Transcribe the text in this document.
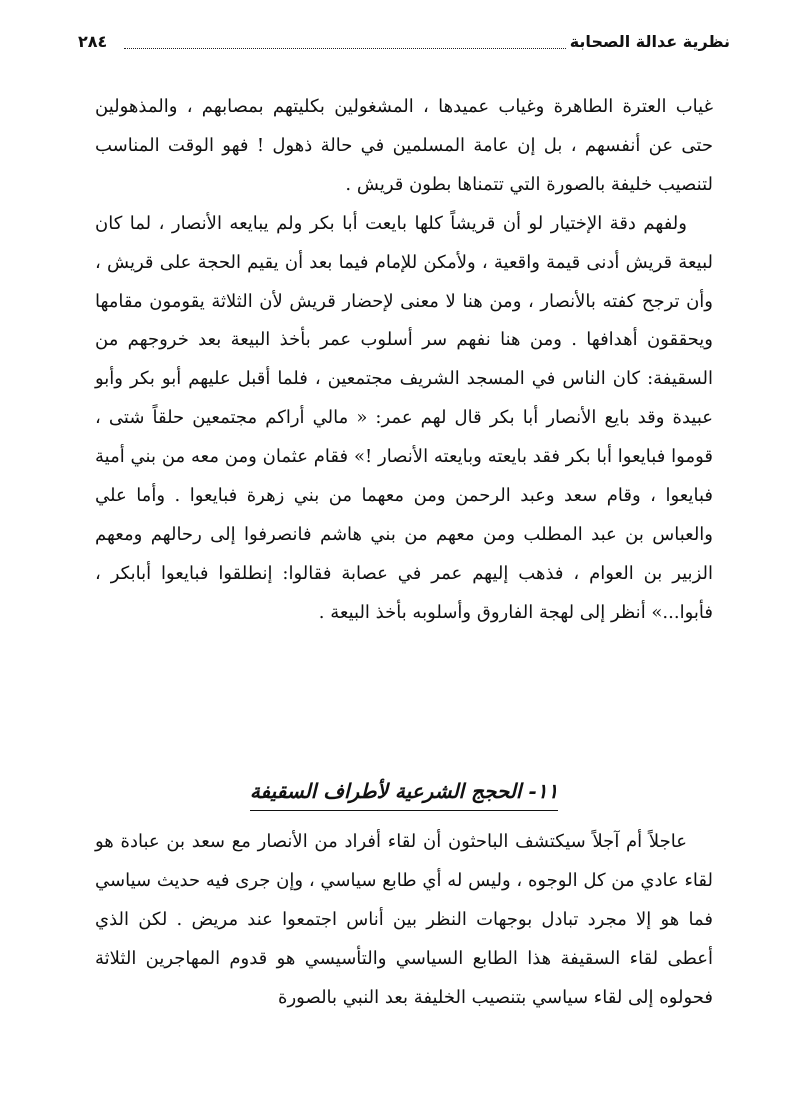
نظرية عدالة الصحابة
٢٨٤

غياب العترة الطاهرة وغياب عميدها ، المشغولين بكليتهم بمصابهم ، والمذهولين حتى عن أنفسهم ، بل إن عامة المسلمين في حالة ذهول ! فهو الوقت المناسب لتنصيب خليفة بالصورة التي تتمناها بطون قريش .

ولفهم دقة الإختيار لو أن قريشاً كلها بايعت أبا بكر ولم يبايعه الأنصار ، لما كان لبيعة قريش أدنى قيمة واقعية ، ولأمكن للإمام فيما بعد أن يقيم الحجة على قريش ، وأن ترجح كفته بالأنصار ، ومن هنا لا معنى لإحضار قريش لأن الثلاثة يقومون مقامها ويحققون أهدافها . ومن هنا نفهم سر أسلوب عمر بأخذ البيعة بعد خروجهم من السقيفة: كان الناس في المسجد الشريف مجتمعين ، فلما أقبل عليهم أبو بكر وأبو عبيدة وقد بايع الأنصار أبا بكر قال لهم عمر: « مالي أراكم مجتمعين حلقاً شتى ، قوموا فبايعوا أبا بكر فقد بايعته وبايعته الأنصار !» فقام عثمان ومن معه من بني أمية فبايعوا ، وقام سعد وعبد الرحمن ومن معهما من بني زهرة فبايعوا . وأما علي والعباس بن عبد المطلب ومن معهم من بني هاشم فانصرفوا إلى رحالهم ومعهم الزبير بن العوام ، فذهب إليهم عمر في عصابة فقالوا: إنطلقوا فبايعوا أبابكر ، فأبوا...» أنظر إلى لهجة الفاروق وأسلوبه بأخذ البيعة .

١١- الحجج الشرعية لأطراف السقيفة

عاجلاً أم آجلاً سيكتشف الباحثون أن لقاء أفراد من الأنصار مع سعد بن عبادة هو لقاء عادي من كل الوجوه ، وليس له أي طابع سياسي ، وإن جرى فيه حديث سياسي فما هو إلا مجرد تبادل بوجهات النظر بين أناس اجتمعوا عند مريض . لكن الذي أعطى لقاء السقيفة هذا الطابع السياسي والتأسيسي هو قدوم المهاجرين الثلاثة فحولوه إلى لقاء سياسي بتنصيب الخليفة بعد النبي بالصورة
